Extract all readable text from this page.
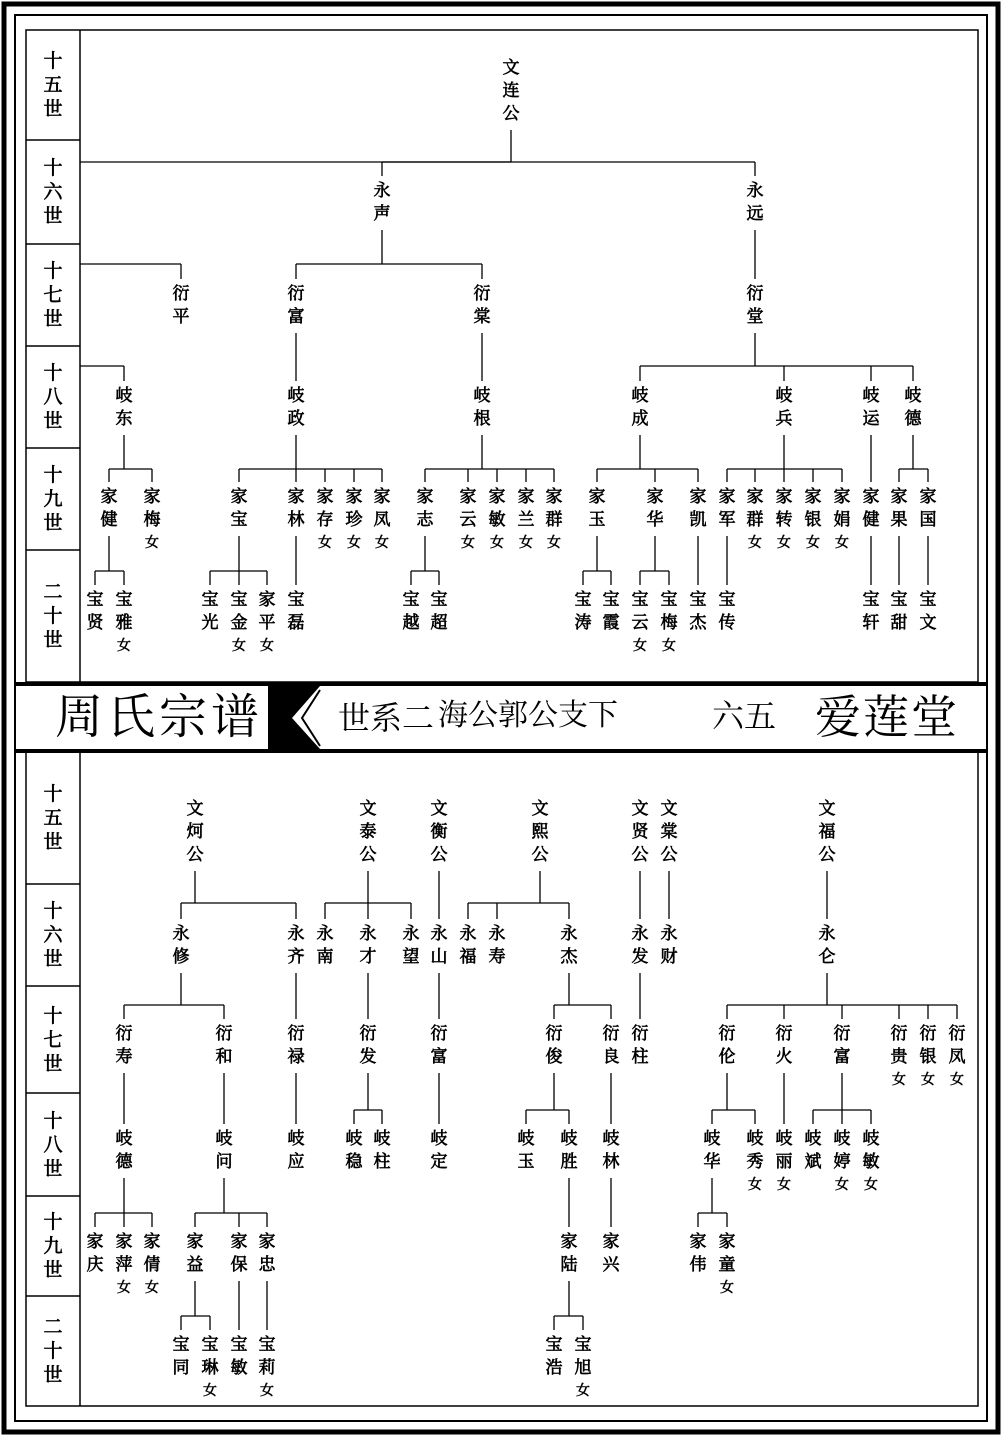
十
五
世
十
六
世
十
七
世
十
八
世
十
九
世
二
十
世
十
五
世
十
六
世
十
七
世
十
八
世
十
九
世
二
十
世
周氏宗谱 世系二 海公郭公支下	六五 爱莲堂
文
连
公
永
声
永
远
衍
平
衍
富
衍
棠
衍
堂
岐
东
岐
政
岐
根
岐
成
岐
兵
岐
运
岐
德
家
健
家
梅
女
家
宝
家
林
家
存
女
家
珍
女
家
凤
女
家
志
家
云
女
家
敏
女
家
兰
女
家
群
女
家
玉
家
华
家
凯
家
军
家
群
女
家
转
女
家
银
女
家
娟
女
家
健
家
果
家
国
宝
贤
宝
雅
女
宝
光
宝
金
女
家
平
女
宝
磊
宝
越
宝
超
宝
涛
宝
霞
宝
云
女
宝
梅
女
宝
杰
宝
传
宝
轩
宝
甜
宝
文
文
炣
公
文
泰
公
文
衡
公
文
熙
公
文
贤
公
文
棠
公
文
福
公
永
修
永
齐
永
南
永
才
永
望
永
山
永
福
永
寿
永
杰
永
发
永
财
永
仑
衍
寿
衍
和
衍
禄
衍
发
衍
富
衍
俊
衍
良
衍
柱
衍
伦
衍
火
衍
富
衍
贵
女
衍
银
女
衍
凤
女
岐
德
岐
问
岐
应
岐
稳
岐
柱
岐
定
岐
玉
岐
胜
岐
林
岐
华
岐
秀
女
岐
丽
女
岐
斌
岐
婷
女
岐
敏
女
家
庆
家
萍
女
家
倩
女
家
益
家
保
家
忠
家
陆
家
兴
家
伟
家
童
女
宝
同
宝
琳
女
宝
敏
宝
莉
女
宝
浩
宝
旭
女
